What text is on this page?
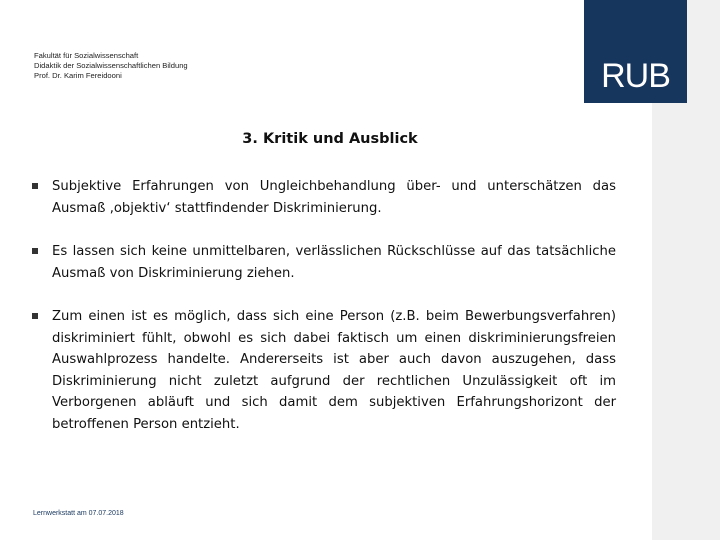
RUB
Fakultät für Sozialwissenschaft
Didaktik der Sozialwissenschaftlichen Bildung
Prof. Dr. Karim Fereidooni
3. Kritik und Ausblick
Subjektive Erfahrungen von Ungleichbehandlung über- und unterschätzen das Ausmaß ‚objektiv‘ stattfindender Diskriminierung.
Es lassen sich keine unmittelbaren, verlässlichen Rückschlüsse auf das tatsächliche Ausmaß von Diskriminierung ziehen.
Zum einen ist es möglich, dass sich eine Person (z.B. beim Bewerbungsverfahren) diskriminiert fühlt, obwohl es sich dabei faktisch um einen diskriminierungsfreien Auswahlprozess handelte. Andererseits ist aber auch davon auszugehen, dass Diskriminierung nicht zuletzt aufgrund der rechtlichen Unzulässigkeit oft im Verborgenen abläuft und sich damit dem subjektiven Erfahrungshorizont der betroffenen Person entzieht.
Lernwerkstatt am 07.07.2018
